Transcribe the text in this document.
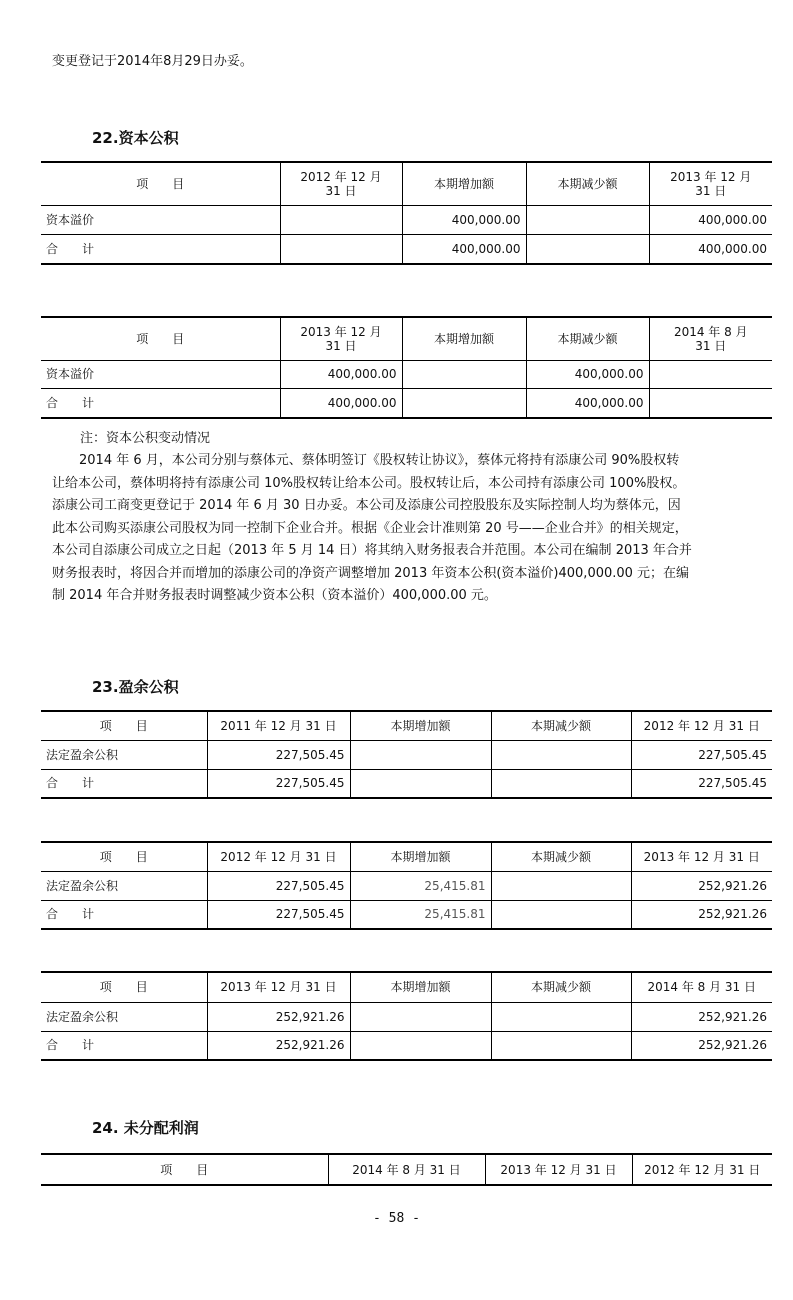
变更登记于2014年8月29日办妥。
22.资本公积
项　　目	2012 年 12 月
31 日	本期增加额	本期减少额	2013 年 12 月
31 日
资本溢价		400,000.00		400,000.00
合　　计		400,000.00		400,000.00
项　　目	2013 年 12 月
31 日	本期增加额	本期减少额	2014 年 8 月
31 日
资本溢价	400,000.00		400,000.00	
合　　计	400,000.00		400,000.00	
注：资本公积变动情况
2014 年 6 月，本公司分别与蔡体元、蔡体明签订《股权转让协议》，蔡体元将持有添康公司 90%股权转
让给本公司，蔡体明将持有添康公司 10%股权转让给本公司。股权转让后，本公司持有添康公司 100%股权。
添康公司工商变更登记于 2014 年 6 月 30 日办妥。本公司及添康公司控股股东及实际控制人均为蔡体元，因
此本公司购买添康公司股权为同一控制下企业合并。根据《企业会计准则第 20 号——企业合并》的相关规定，
本公司自添康公司成立之日起（2013 年 5 月 14 日）将其纳入财务报表合并范围。本公司在编制 2013 年合并
财务报表时，将因合并而增加的添康公司的净资产调整增加 2013 年资本公积(资本溢价)400,000.00 元；在编
制 2014 年合并财务报表时调整减少资本公积（资本溢价）400,000.00 元。
23.盈余公积
项　　目	2011 年 12 月 31 日	本期增加额	本期减少额	2012 年 12 月 31 日
法定盈余公积	227,505.45			227,505.45
合　　计	227,505.45			227,505.45
项　　目	2012 年 12 月 31 日	本期增加额	本期减少额	2013 年 12 月 31 日
法定盈余公积	227,505.45	25,415.81		252,921.26
合　　计	227,505.45	25,415.81		252,921.26
项　　目	2013 年 12 月 31 日	本期增加额	本期减少额	2014 年 8 月 31 日
法定盈余公积	252,921.26			252,921.26
合　　计	252,921.26			252,921.26
24. 未分配利润
项　　目	2014 年 8 月 31 日	2013 年 12 月 31 日	2012 年 12 月 31 日
- 58 -
